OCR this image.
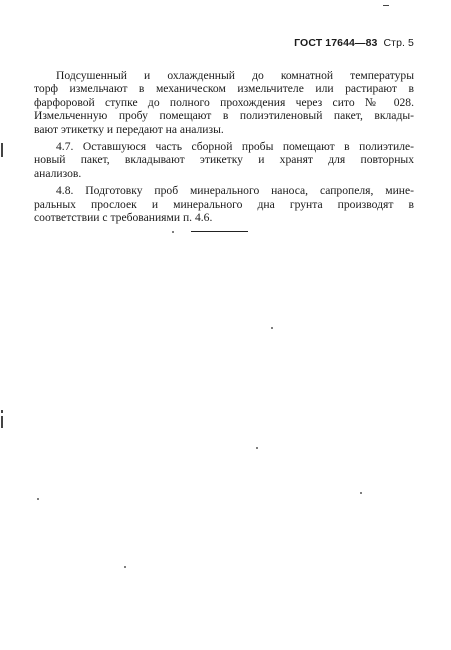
ГОСТ 17644—83 Стр. 5
Подсушенный и охлажденный до комнатной температуры
торф измельчают в механическом измельчителе или растирают в
фарфоровой ступке до полного прохождения через сито № 028.
Измельченную пробу помещают в полиэтиленовый пакет, вклады-
вают этикетку и передают на анализы.
4.7. Оставшуюся часть сборной пробы помещают в полиэтиле-
новый пакет, вкладывают этикетку и хранят для повторных
анализов.
4.8. Подготовку проб минерального наноса, сапропеля, мине-
ральных прослоек и минерального дна грунта производят в
соответствии с требованиями п. 4.6.
